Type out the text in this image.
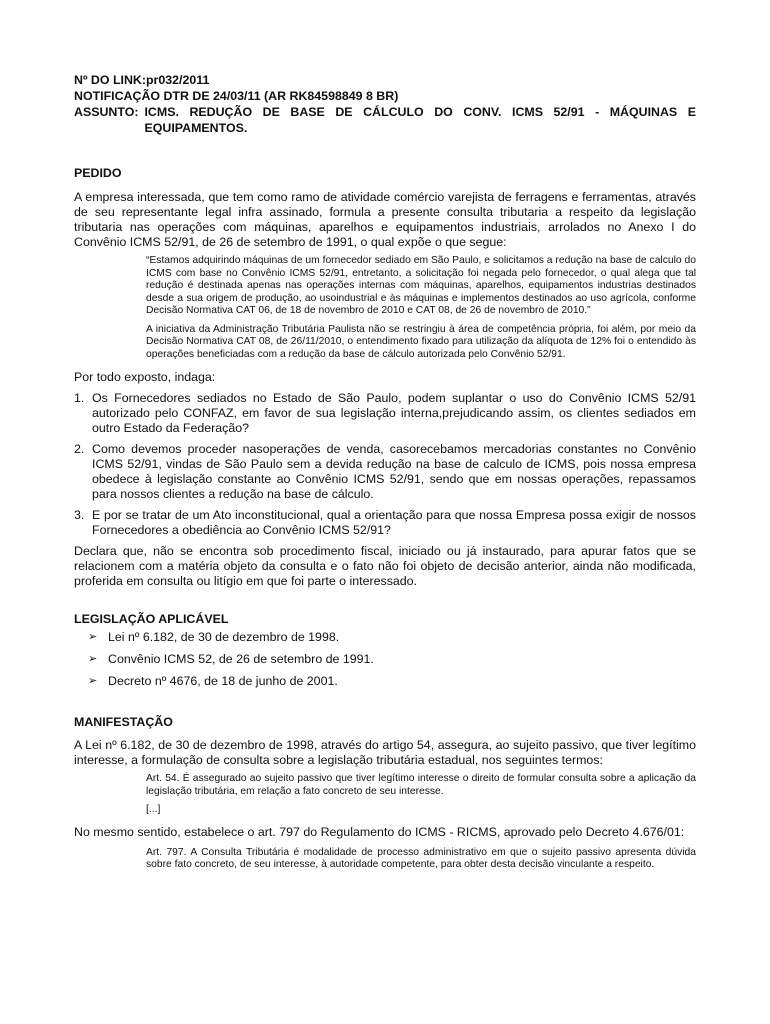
Nº DO LINK:pr032/2011
NOTIFICAÇÃO DTR DE 24/03/11 (AR RK84598849 8 BR)
ASSUNTO: ICMS. REDUÇÃO DE BASE DE CÁLCULO DO CONV. ICMS 52/91 - MÁQUINAS E EQUIPAMENTOS.
PEDIDO

A empresa interessada, que tem como ramo de atividade comércio varejista de ferragens e ferramentas, através de seu representante legal infra assinado, formula a presente consulta tributaria a respeito da legislação tributaria nas operações com máquinas, aparelhos e equipamentos industriais, arrolados no Anexo I do Convênio ICMS 52/91, de 26 de setembro de 1991, o qual expõe o que segue:

“Estamos adquirindo máquinas de um fornecedor sediado em São Paulo, e solicitamos a redução na base de calculo do ICMS com base no Convênio ICMS 52/91, entretanto, a solicitação foi negada pelo fornecedor, o qual alega que tal redução é destinada apenas nas operações internas com máquinas, aparelhos, equipamentos industrias destinados desde a sua origem de produção, ao usoindustrial e às máquinas e implementos destinados ao uso agrícola, conforme Decisão Normativa CAT 06, de 18 de novembro de 2010 e CAT 08, de 26 de novembro de 2010.”

A iniciativa da Administração Tributária Paulista não se restringiu à área de competência própria, foi além, por meio da Decisão Normativa CAT 08, de 26/11/2010, o entendimento fixado para utilização da alíquota de 12% foi o entendido às operações beneficiadas com a redução da base de cálculo autorizada pelo Convênio 52/91.

Por todo exposto, indaga:

1. Os Fornecedores sediados no Estado de São Paulo, podem suplantar o uso do Convênio ICMS 52/91 autorizado pelo CONFAZ, em favor de sua legislação interna,prejudicando assim, os clientes sediados em outro Estado da Federação?
2. Como devemos proceder nasoperações de venda, casorecebamos mercadorias constantes no Convênio ICMS 52/91, vindas de São Paulo sem a devida redução na base de calculo de ICMS, pois nossa empresa obedece à legislação constante ao Convênio ICMS 52/91, sendo que em nossas operações, repassamos para nossos clientes a redução na base de cálculo.
3. E por se tratar de um Ato inconstitucional, qual a orientação para que nossa Empresa possa exigir de nossos Fornecedores a obediência ao Convênio ICMS 52/91?

Declara que, não se encontra sob procedimento fiscal, iniciado ou já instaurado, para apurar fatos que se relacionem com a matéria objeto da consulta e o fato não foi objeto de decisão anterior, ainda não modificada, proferida em consulta ou litígio em que foi parte o interessado.

LEGISLAÇÃO APLICÁVEL
➢ Lei nº 6.182, de 30 de dezembro de 1998.
➢ Convênio ICMS 52, de 26 de setembro de 1991.
➢ Decreto nº 4676, de 18 de junho de 2001.
MANIFESTAÇÃO

A Lei nº 6.182, de 30 de dezembro de 1998, através do artigo 54, assegura, ao sujeito passivo, que tiver legítimo interesse, a formulação de consulta sobre a legislação tributária estadual, nos seguintes termos:

Art. 54. É assegurado ao sujeito passivo que tiver legítimo interesse o direito de formular consulta sobre a aplicação da legislação tributária, em relação a fato concreto de seu interesse.

[...]

No mesmo sentido, estabelece o art. 797 do Regulamento do ICMS - RICMS, aprovado pelo Decreto 4.676/01:

Art. 797. A Consulta Tributária é modalidade de processo administrativo em que o sujeito passivo apresenta dúvida sobre fato concreto, de seu interesse, à autoridade competente, para obter desta decisão vinculante a respeito.
